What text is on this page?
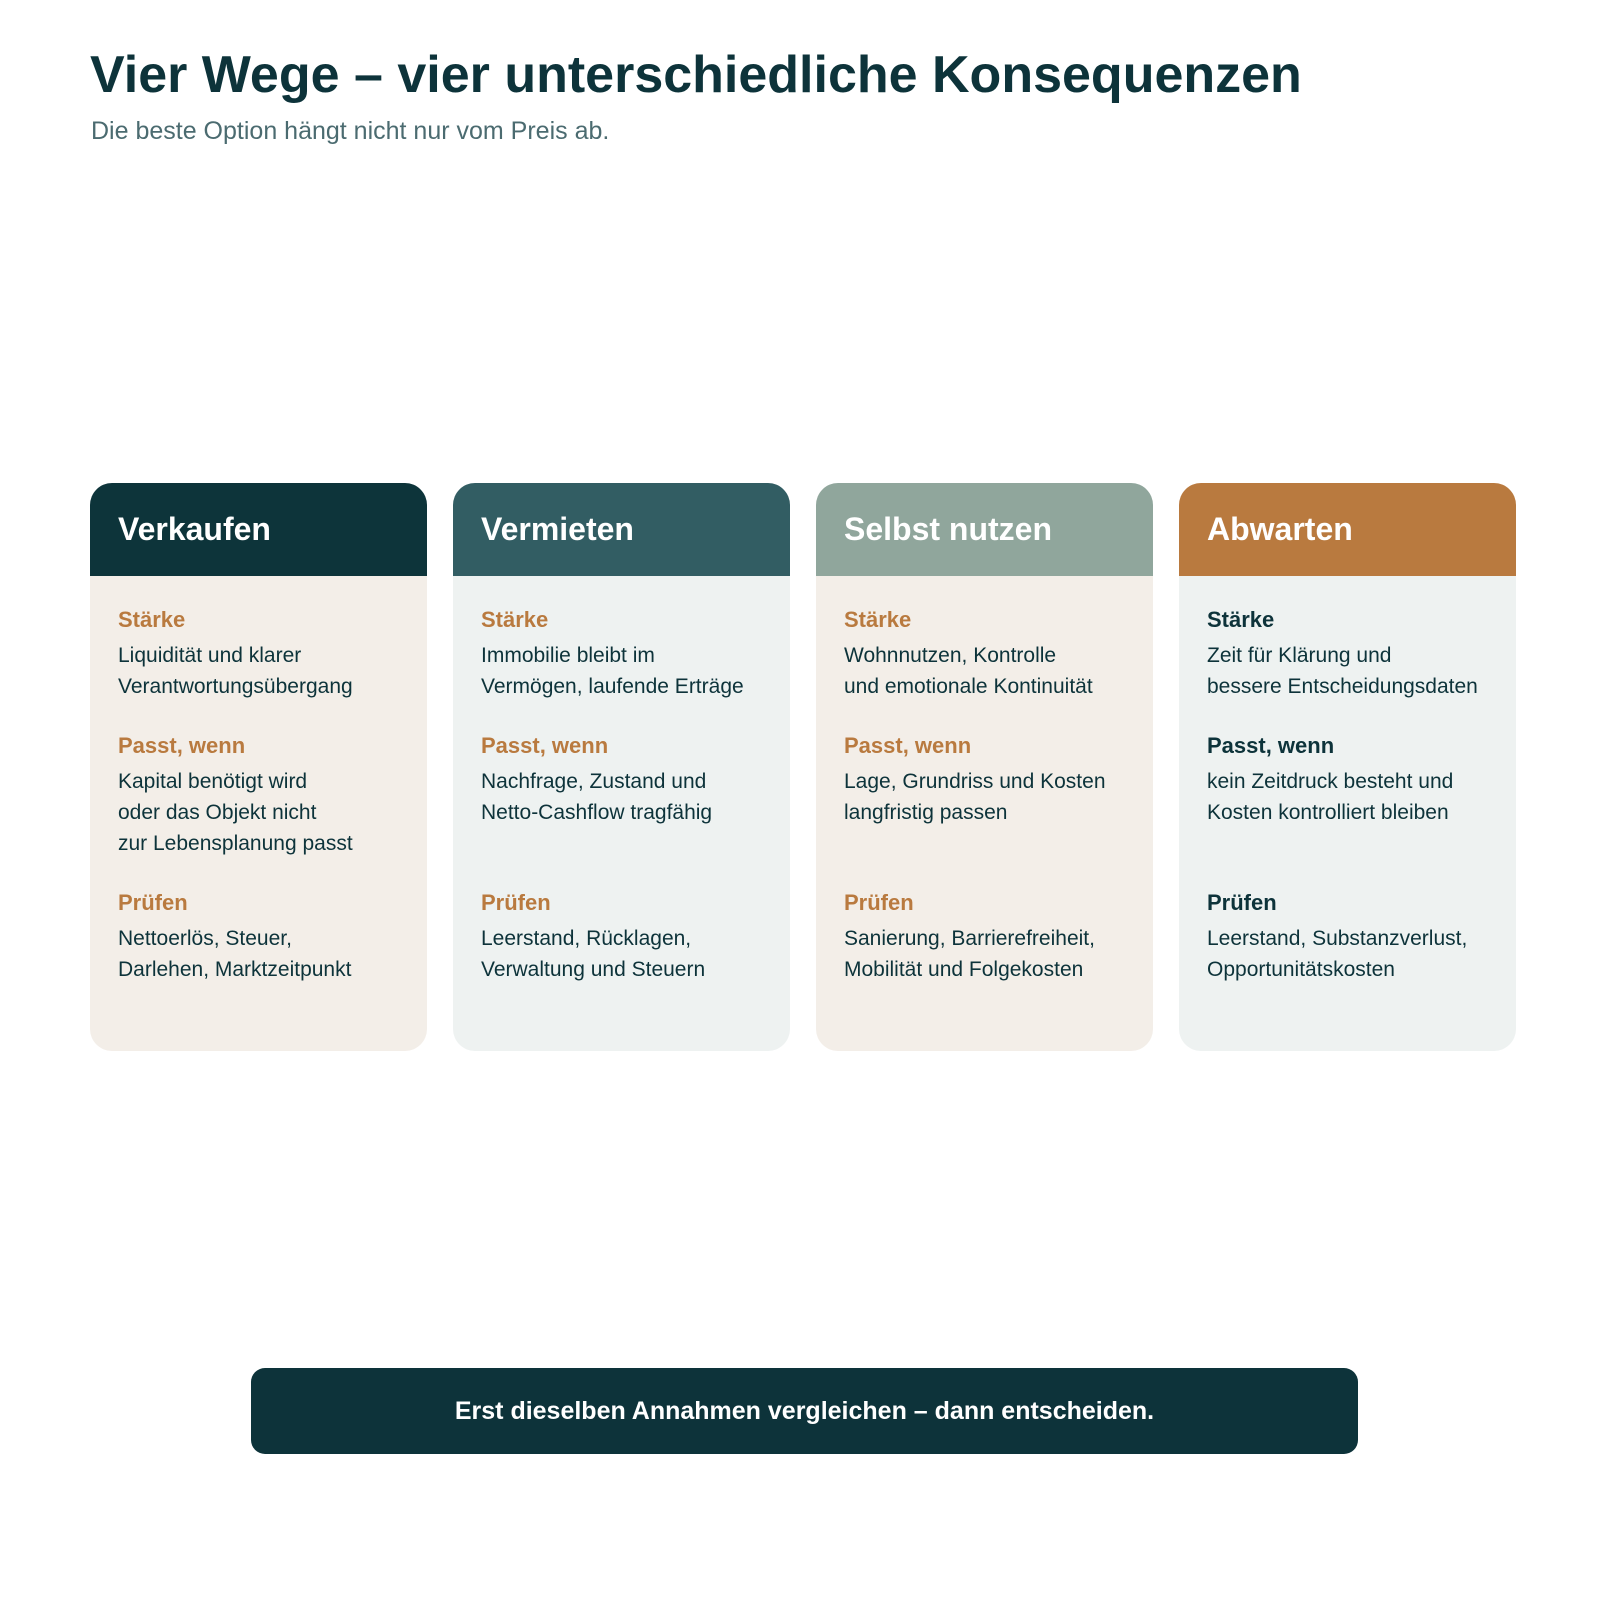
Vier Wege – vier unterschiedliche Konsequenzen

Die beste Option hängt nicht nur vom Preis ab.

Verkaufen

Stärke

Liquidität und klarer
Verantwortungsübergang

Passt, wenn

Kapital benötigt wird
oder das Objekt nicht
zur Lebensplanung passt

Prüfen

Nettoerlös, Steuer,
Darlehen, Marktzeitpunkt

Vermieten

Stärke

Immobilie bleibt im
Vermögen, laufende Erträge

Passt, wenn

Nachfrage, Zustand und
Netto-Cashflow tragfähig

Prüfen

Leerstand, Rücklagen,
Verwaltung und Steuern

Selbst nutzen

Stärke

Wohnnutzen, Kontrolle
und emotionale Kontinuität

Passt, wenn

Lage, Grundriss und Kosten
langfristig passen

Prüfen

Sanierung, Barrierefreiheit,
Mobilität und Folgekosten

Abwarten

Stärke

Zeit für Klärung und
bessere Entscheidungsdaten

Passt, wenn

kein Zeitdruck besteht und
Kosten kontrolliert bleiben

Prüfen

Leerstand, Substanzverlust,
Opportunitätskosten

Erst dieselben Annahmen vergleichen – dann entscheiden.
